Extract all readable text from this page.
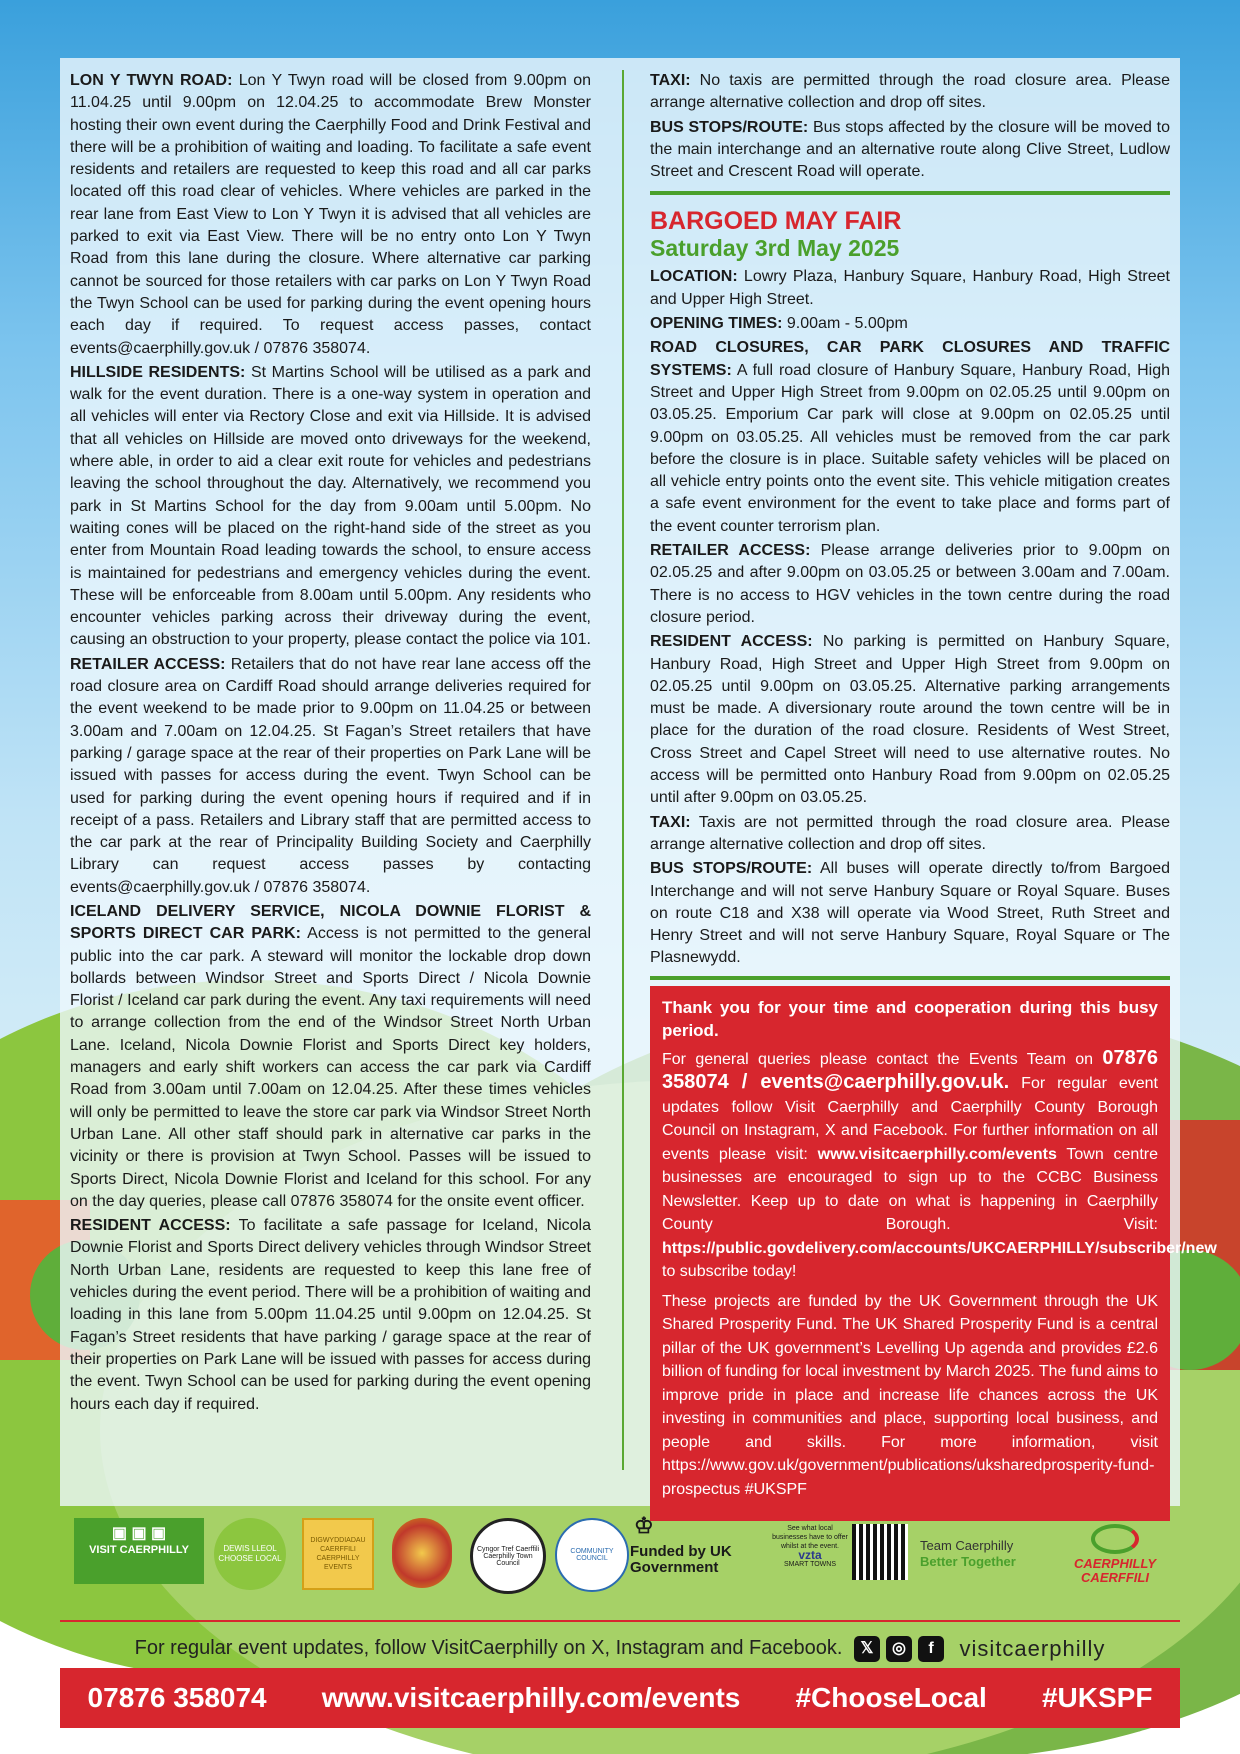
LON Y TWYN ROAD: Lon Y Twyn road will be closed from 9.00pm on 11.04.25 until 9.00pm on 12.04.25 to accommodate Brew Monster hosting their own event during the Caerphilly Food and Drink Festival and there will be a prohibition of waiting and loading. To facilitate a safe event residents and retailers are requested to keep this road and all car parks located off this road clear of vehicles. Where vehicles are parked in the rear lane from East View to Lon Y Twyn it is advised that all vehicles are parked to exit via East View. There will be no entry onto Lon Y Twyn Road from this lane during the closure. Where alternative car parking cannot be sourced for those retailers with car parks on Lon Y Twyn Road the Twyn School can be used for parking during the event opening hours each day if required. To request access passes, contact events@caerphilly.gov.uk / 07876 358074.

HILLSIDE RESIDENTS: St Martins School will be utilised as a park and walk for the event duration. There is a one-way system in operation and all vehicles will enter via Rectory Close and exit via Hillside. It is advised that all vehicles on Hillside are moved onto driveways for the weekend, where able, in order to aid a clear exit route for vehicles and pedestrians leaving the school throughout the day. Alternatively, we recommend you park in St Martins School for the day from 9.00am until 5.00pm. No waiting cones will be placed on the right-hand side of the street as you enter from Mountain Road leading towards the school, to ensure access is maintained for pedestrians and emergency vehicles during the event. These will be enforceable from 8.00am until 5.00pm. Any residents who encounter vehicles parking across their driveway during the event, causing an obstruction to your property, please contact the police via 101.

RETAILER ACCESS: Retailers that do not have rear lane access off the road closure area on Cardiff Road should arrange deliveries required for the event weekend to be made prior to 9.00pm on 11.04.25 or between 3.00am and 7.00am on 12.04.25. St Fagan’s Street retailers that have parking / garage space at the rear of their properties on Park Lane will be issued with passes for access during the event. Twyn School can be used for parking during the event opening hours if required and if in receipt of a pass. Retailers and Library staff that are permitted access to the car park at the rear of Principality Building Society and Caerphilly Library can request access passes by contacting events@caerphilly.gov.uk / 07876 358074.

ICELAND DELIVERY SERVICE, NICOLA DOWNIE FLORIST & SPORTS DIRECT CAR PARK: Access is not permitted to the general public into the car park. A steward will monitor the lockable drop down bollards between Windsor Street and Sports Direct / Nicola Downie Florist / Iceland car park during the event. Any taxi requirements will need to arrange collection from the end of the Windsor Street North Urban Lane. Iceland, Nicola Downie Florist and Sports Direct key holders, managers and early shift workers can access the car park via Cardiff Road from 3.00am until 7.00am on 12.04.25. After these times vehicles will only be permitted to leave the store car park via Windsor Street North Urban Lane. All other staff should park in alternative car parks in the vicinity or there is provision at Twyn School. Passes will be issued to Sports Direct, Nicola Downie Florist and Iceland for this school. For any on the day queries, please call 07876 358074 for the onsite event officer.

RESIDENT ACCESS: To facilitate a safe passage for Iceland, Nicola Downie Florist and Sports Direct delivery vehicles through Windsor Street North Urban Lane, residents are requested to keep this lane free of vehicles during the event period. There will be a prohibition of waiting and loading in this lane from 5.00pm 11.04.25 until 9.00pm on 12.04.25. St Fagan’s Street residents that have parking / garage space at the rear of their properties on Park Lane will be issued with passes for access during the event. Twyn School can be used for parking during the event opening hours each day if required.

TAXI: No taxis are permitted through the road closure area. Please arrange alternative collection and drop off sites.

BUS STOPS/ROUTE: Bus stops affected by the closure will be moved to the main interchange and an alternative route along Clive Street, Ludlow Street and Crescent Road will operate.

BARGOED MAY FAIR
Saturday 3rd May 2025

LOCATION: Lowry Plaza, Hanbury Square, Hanbury Road, High Street and Upper High Street.

OPENING TIMES: 9.00am - 5.00pm

ROAD CLOSURES, CAR PARK CLOSURES AND TRAFFIC SYSTEMS: A full road closure of Hanbury Square, Hanbury Road, High Street and Upper High Street from 9.00pm on 02.05.25 until 9.00pm on 03.05.25. Emporium Car park will close at 9.00pm on 02.05.25 until 9.00pm on 03.05.25. All vehicles must be removed from the car park before the closure is in place. Suitable safety vehicles will be placed on all vehicle entry points onto the event site. This vehicle mitigation creates a safe event environment for the event to take place and forms part of the event counter terrorism plan.

RETAILER ACCESS: Please arrange deliveries prior to 9.00pm on 02.05.25 and after 9.00pm on 03.05.25 or between 3.00am and 7.00am. There is no access to HGV vehicles in the town centre during the road closure period.

RESIDENT ACCESS: No parking is permitted on Hanbury Square, Hanbury Road, High Street and Upper High Street from 9.00pm on 02.05.25 until 9.00pm on 03.05.25. Alternative parking arrangements must be made. A diversionary route around the town centre will be in place for the duration of the road closure. Residents of West Street, Cross Street and Capel Street will need to use alternative routes. No access will be permitted onto Hanbury Road from 9.00pm on 02.05.25 until after 9.00pm on 03.05.25.

TAXI: Taxis are not permitted through the road closure area. Please arrange alternative collection and drop off sites.

BUS STOPS/ROUTE: All buses will operate directly to/from Bargoed Interchange and will not serve Hanbury Square or Royal Square. Buses on route C18 and X38 will operate via Wood Street, Ruth Street and Henry Street and will not serve Hanbury Square, Royal Square or The Plasnewydd.

Thank you for your time and cooperation during this busy period.

For general queries please contact the Events Team on 07876 358074 / events@caerphilly.gov.uk. For regular event updates follow Visit Caerphilly and Caerphilly County Borough Council on Instagram, X and Facebook. For further information on all events please visit: www.visitcaerphilly.com/events Town centre businesses are encouraged to sign up to the CCBC Business Newsletter. Keep up to date on what is happening in Caerphilly County Borough. Visit: https://public.govdelivery.com/accounts/UKCAERPHILLY/subscriber/new to subscribe today!

These projects are funded by the UK Government through the UK Shared Prosperity Fund. The UK Shared Prosperity Fund is a central pillar of the UK government’s Levelling Up agenda and provides £2.6 billion of funding for local investment by March 2025. The fund aims to improve pride in place and increase life chances across the UK investing in communities and place, supporting local business, and people and skills. For more information, visit https://www.gov.uk/government/publications/uksharedprosperity-fund-prospectus #UKSPF

▣ ▣ ▣
VISIT CAERPHILLY	DEWIS LLEOL CHOOSE LOCAL
DIGWYDDIADAU CAERFFILI CAERPHILLY EVENTS
Cyngor Tref Caerffili Caerphilly Town Council
COMMUNITY COUNCIL
♔
Funded by UK Government
See what local businesses have to offer whilst at the event.
vzta
SMART TOWNS
Team Caerphilly
Better Together	CAERPHILLY
CAERFFILI
For regular event updates, follow VisitCaerphilly on X, Instagram and Facebook. 𝕏 ◎ f visitcaerphilly
07876 358074 www.visitcaerphilly.com/events #ChooseLocal #UKSPF
